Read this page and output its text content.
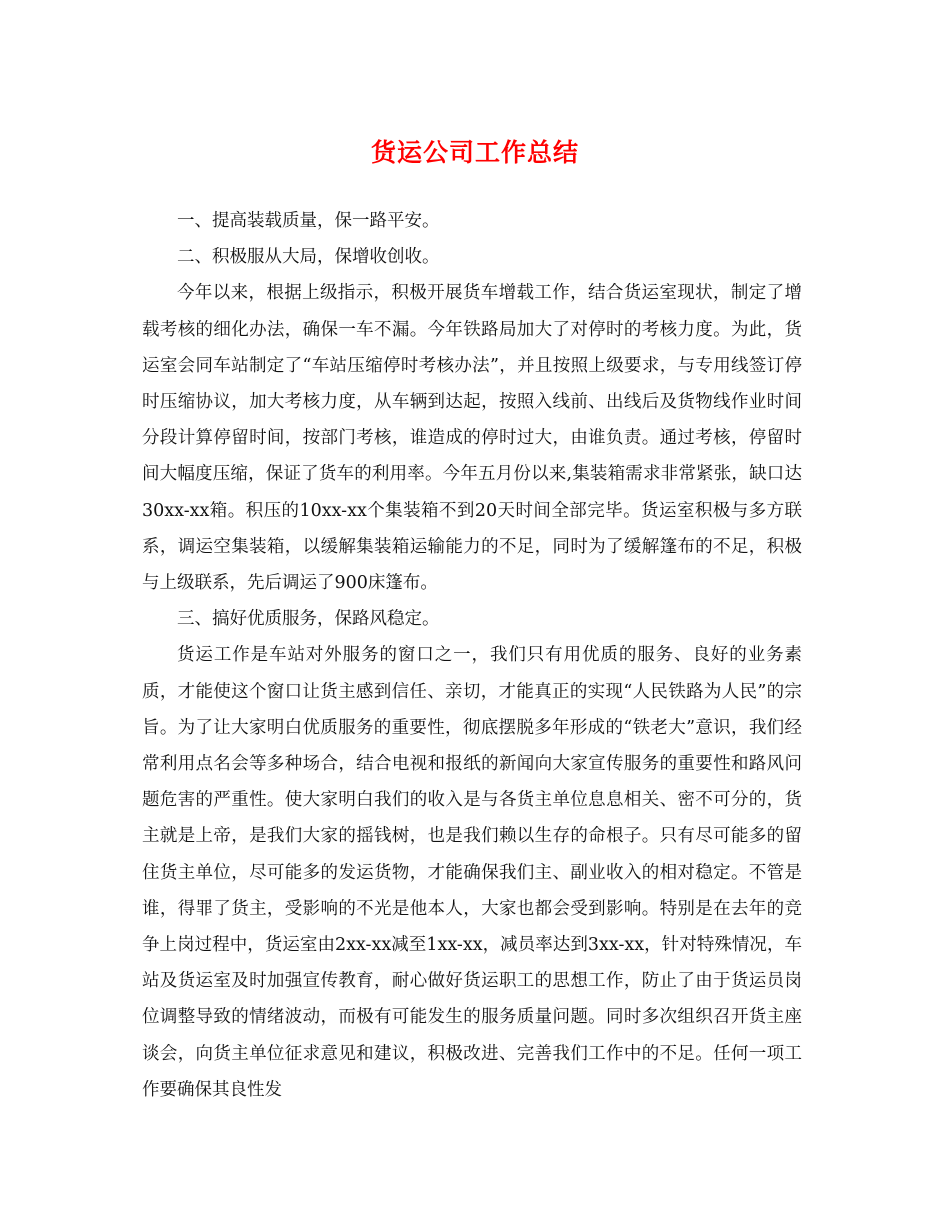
货运公司工作总结

一、提高装载质量，保一路平安。

二、积极服从大局，保增收创收。

今年以来，根据上级指示，积极开展货车增载工作，结合货运室现状，制定了增载考核的细化办法，确保一车不漏。今年铁路局加大了对停时的考核力度。为此，货运室会同车站制定了“车站压缩停时考核办法”，并且按照上级要求，与专用线签订停时压缩协议，加大考核力度，从车辆到达起，按照入线前、出线后及货物线作业时间分段计算停留时间，按部门考核，谁造成的停时过大，由谁负责。通过考核，停留时间大幅度压缩，保证了货车的利用率。今年五月份以来,集装箱需求非常紧张，缺口达30xx-xx箱。积压的10xx-xx个集装箱不到20天时间全部完毕。货运室积极与多方联系，调运空集装箱，以缓解集装箱运输能力的不足，同时为了缓解篷布的不足，积极与上级联系，先后调运了900床篷布。

三、搞好优质服务，保路风稳定。

货运工作是车站对外服务的窗口之一，我们只有用优质的服务、良好的业务素质，才能使这个窗口让货主感到信任、亲切，才能真正的实现“人民铁路为人民”的宗旨。为了让大家明白优质服务的重要性，彻底摆脱多年形成的“铁老大”意识，我们经常利用点名会等多种场合，结合电视和报纸的新闻向大家宣传服务的重要性和路风问题危害的严重性。使大家明白我们的收入是与各货主单位息息相关、密不可分的，货主就是上帝，是我们大家的摇钱树，也是我们赖以生存的命根子。只有尽可能多的留住货主单位，尽可能多的发运货物，才能确保我们主、副业收入的相对稳定。不管是谁，得罪了货主，受影响的不光是他本人，大家也都会受到影响。特别是在去年的竞争上岗过程中，货运室由2xx-xx减至1xx-xx，减员率达到3xx-xx，针对特殊情况，车站及货运室及时加强宣传教育，耐心做好货运职工的思想工作，防止了由于货运员岗位调整导致的情绪波动，而极有可能发生的服务质量问题。同时多次组织召开货主座谈会，向货主单位征求意见和建议，积极改进、完善我们工作中的不足。任何一项工作要确保其良性发
